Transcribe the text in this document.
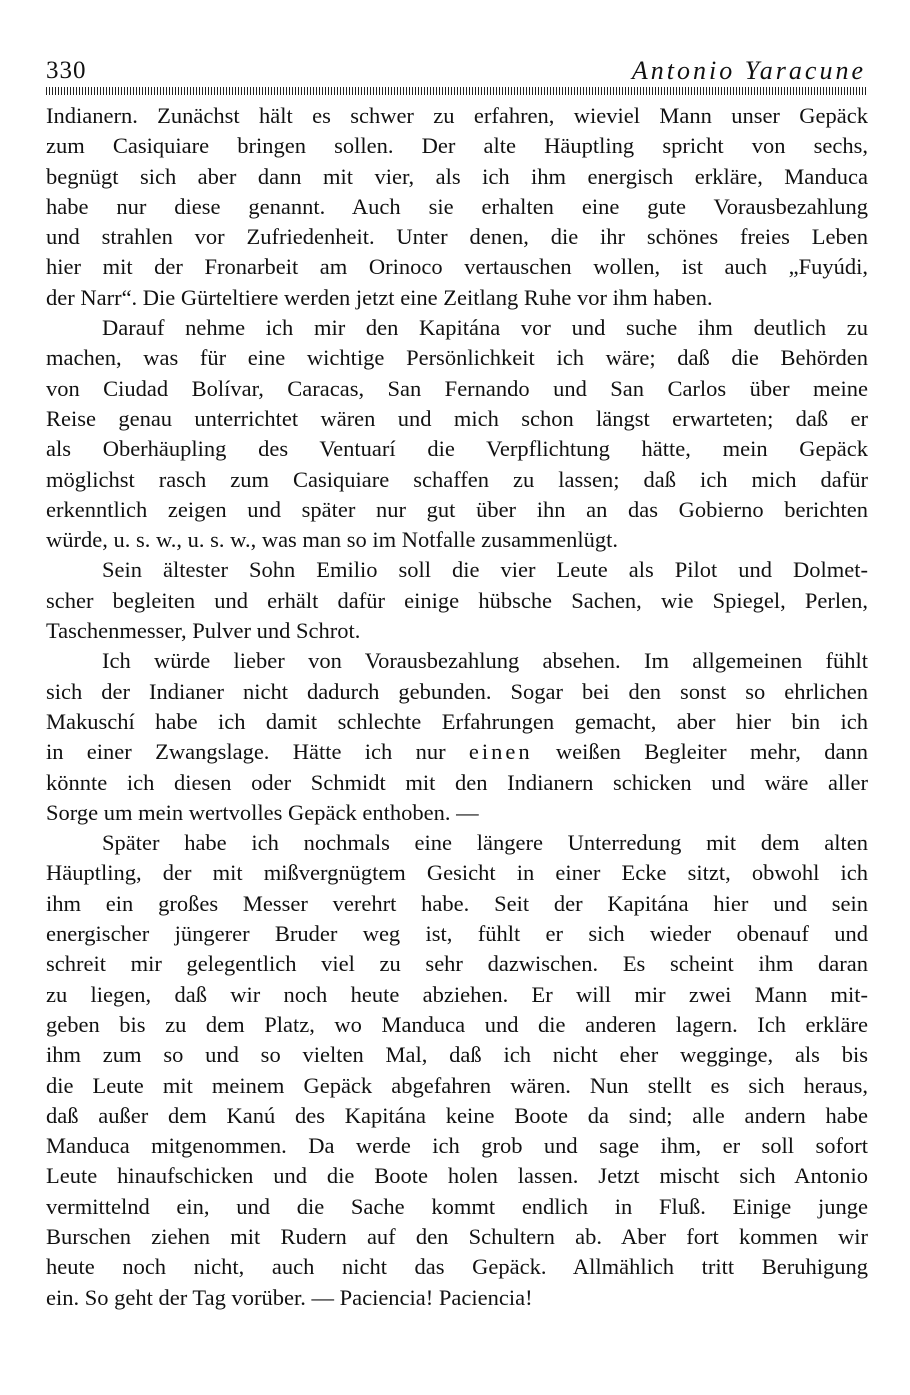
330	Antonio Yaracune

Indianern. Zunächst hält es schwer zu erfahren, wieviel Mann unser Gepäck
zum Casiquiare bringen sollen. Der alte Häuptling spricht von sechs,
begnügt sich aber dann mit vier, als ich ihm energisch erkläre, Manduca
habe nur diese genannt. Auch sie erhalten eine gute Vorausbezahlung
und strahlen vor Zufriedenheit. Unter denen, die ihr schönes freies Leben
hier mit der Fronarbeit am Orinoco vertauschen wollen, ist auch „Fuyúdi,
der Narr“. Die Gürteltiere werden jetzt eine Zeitlang Ruhe vor ihm haben.

Darauf nehme ich mir den Kapitána vor und suche ihm deutlich zu
machen, was für eine wichtige Persönlichkeit ich wäre; daß die Behörden
von Ciudad Bolívar, Caracas, San Fernando und San Carlos über meine
Reise genau unterrichtet wären und mich schon längst erwarteten; daß er
als Oberhäupling des Ventuarí die Verpflichtung hätte, mein Gepäck
möglichst rasch zum Casiquiare schaffen zu lassen; daß ich mich dafür
erkenntlich zeigen und später nur gut über ihn an das Gobierno berichten
würde, u. s. w., u. s. w., was man so im Notfalle zusammenlügt.

Sein ältester Sohn Emilio soll die vier Leute als Pilot und Dolmet-
scher begleiten und erhält dafür einige hübsche Sachen, wie Spiegel, Perlen,
Taschenmesser, Pulver und Schrot.

Ich würde lieber von Vorausbezahlung absehen. Im allgemeinen fühlt
sich der Indianer nicht dadurch gebunden. Sogar bei den sonst so ehrlichen
Makuschí habe ich damit schlechte Erfahrungen gemacht, aber hier bin ich
in einer Zwangslage. Hätte ich nur einen weißen Begleiter mehr, dann
könnte ich diesen oder Schmidt mit den Indianern schicken und wäre aller
Sorge um mein wertvolles Gepäck enthoben. —

Später habe ich nochmals eine längere Unterredung mit dem alten
Häuptling, der mit mißvergnügtem Gesicht in einer Ecke sitzt, obwohl ich
ihm ein großes Messer verehrt habe. Seit der Kapitána hier und sein
energischer jüngerer Bruder weg ist, fühlt er sich wieder obenauf und
schreit mir gelegentlich viel zu sehr dazwischen. Es scheint ihm daran
zu liegen, daß wir noch heute abziehen. Er will mir zwei Mann mit-
geben bis zu dem Platz, wo Manduca und die anderen lagern. Ich erkläre
ihm zum so und so vielten Mal, daß ich nicht eher wegginge, als bis
die Leute mit meinem Gepäck abgefahren wären. Nun stellt es sich heraus,
daß außer dem Kanú des Kapitána keine Boote da sind; alle andern habe
Manduca mitgenommen. Da werde ich grob und sage ihm, er soll sofort
Leute hinaufschicken und die Boote holen lassen. Jetzt mischt sich Antonio
vermittelnd ein, und die Sache kommt endlich in Fluß. Einige junge
Burschen ziehen mit Rudern auf den Schultern ab. Aber fort kommen wir
heute noch nicht, auch nicht das Gepäck. Allmählich tritt Beruhigung
ein. So geht der Tag vorüber. — Paciencia! Paciencia!
